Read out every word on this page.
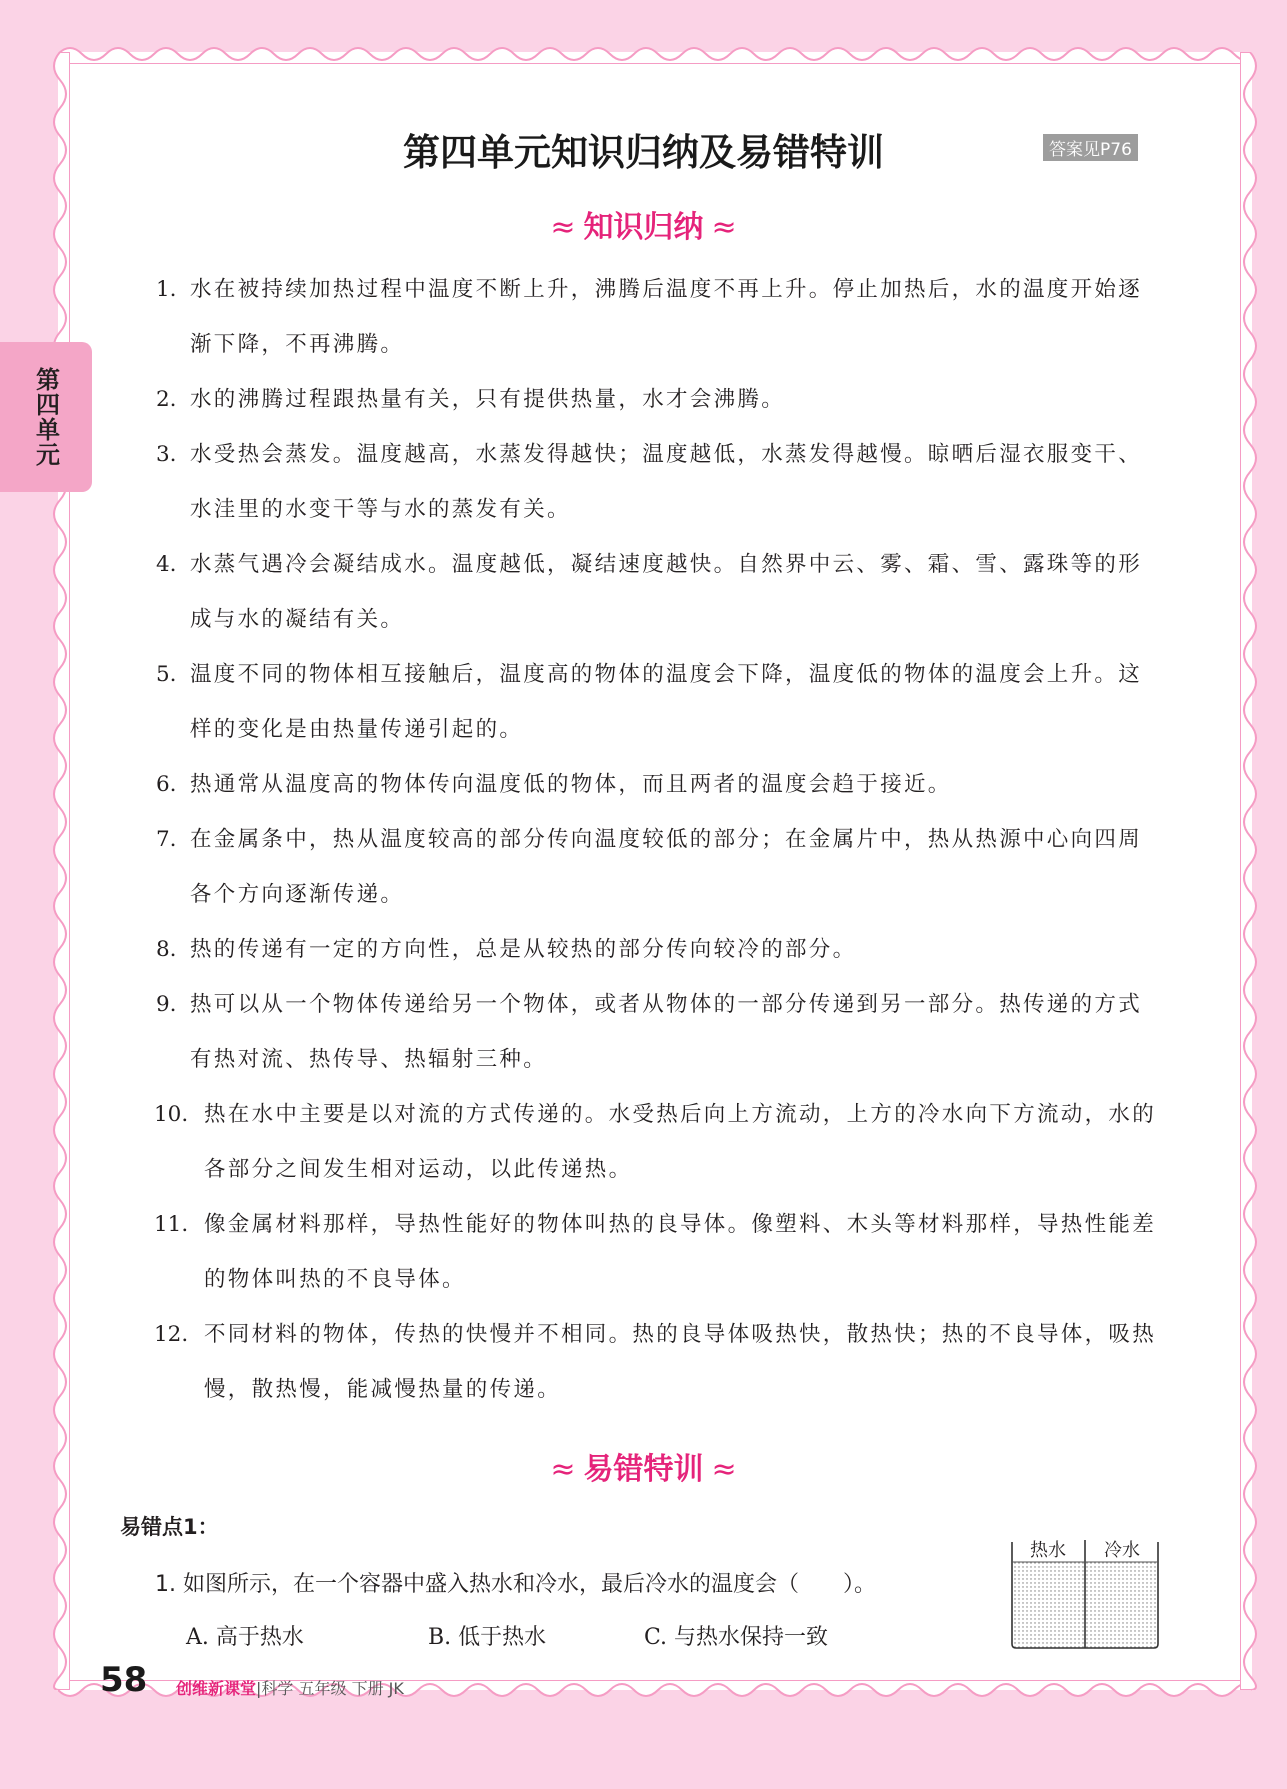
第四单元
第四单元知识归纳及易错特训	答案见P76
≈ 知识归纳 ≈
1. 水在被持续加热过程中温度不断上升，沸腾后温度不再上升。停止加热后，水的温度开始逐渐下降，不再沸腾。
2. 水的沸腾过程跟热量有关，只有提供热量，水才会沸腾。
3. 水受热会蒸发。温度越高，水蒸发得越快；温度越低，水蒸发得越慢。晾晒后湿衣服变干、水洼里的水变干等与水的蒸发有关。
4. 水蒸气遇冷会凝结成水。温度越低，凝结速度越快。自然界中云、雾、霜、雪、露珠等的形成与水的凝结有关。
5. 温度不同的物体相互接触后，温度高的物体的温度会下降，温度低的物体的温度会上升。这样的变化是由热量传递引起的。
6. 热通常从温度高的物体传向温度低的物体，而且两者的温度会趋于接近。
7. 在金属条中，热从温度较高的部分传向温度较低的部分；在金属片中，热从热源中心向四周各个方向逐渐传递。
8. 热的传递有一定的方向性，总是从较热的部分传向较冷的部分。
9. 热可以从一个物体传递给另一个物体，或者从物体的一部分传递到另一部分。热传递的方式有热对流、热传导、热辐射三种。
10. 热在水中主要是以对流的方式传递的。水受热后向上方流动，上方的冷水向下方流动，水的各部分之间发生相对运动，以此传递热。
11. 像金属材料那样，导热性能好的物体叫热的良导体。像塑料、木头等材料那样，导热性能差的物体叫热的不良导体。
12. 不同材料的物体，传热的快慢并不相同。热的良导体吸热快，散热快；热的不良导体，吸热慢，散热慢，能减慢热量的传递。
≈ 易错特训 ≈
易错点1：
1. 如图所示，在一个容器中盛入热水和冷水，最后冷水的温度会（　　）。
A. 高于热水	B. 低于热水	C. 与热水保持一致
热水 冷水
58 创维新课堂|科学 五年级 下册 JK
